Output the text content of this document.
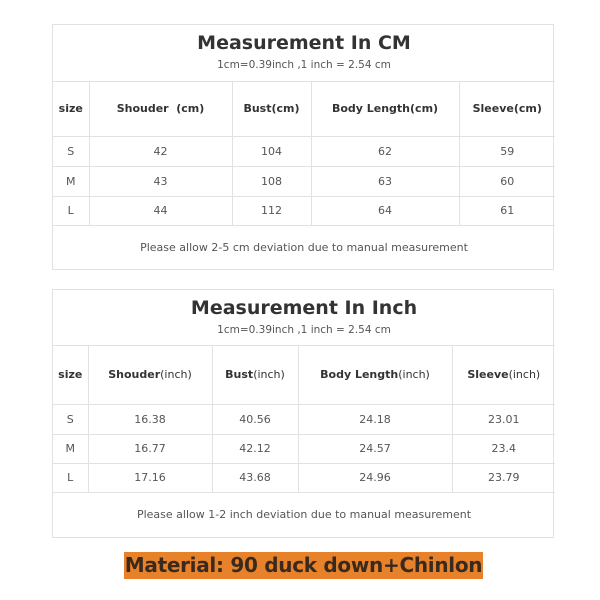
Measurement In CM
1cm=0.39inch ,1 inch = 2.54 cm				

size	Shouder  (cm)	Bust(cm)	Body Length(cm)	Sleeve(cm)
S	42	104	62	59
M	43	108	63	60
L	44	112	64	61
Please allow 2-5 cm deviation due to manual measurement				
Measurement In Inch
1cm=0.39inch ,1 inch = 2.54 cm				

size	Shouder(inch)	Bust(inch)	Body Length(inch)	Sleeve(inch)
S	16.38	40.56	24.18	23.01
M	16.77	42.12	24.57	23.4
L	17.16	43.68	24.96	23.79
Please allow 1-2 inch deviation due to manual measurement				
Material: 90 duck down+Chinlon
